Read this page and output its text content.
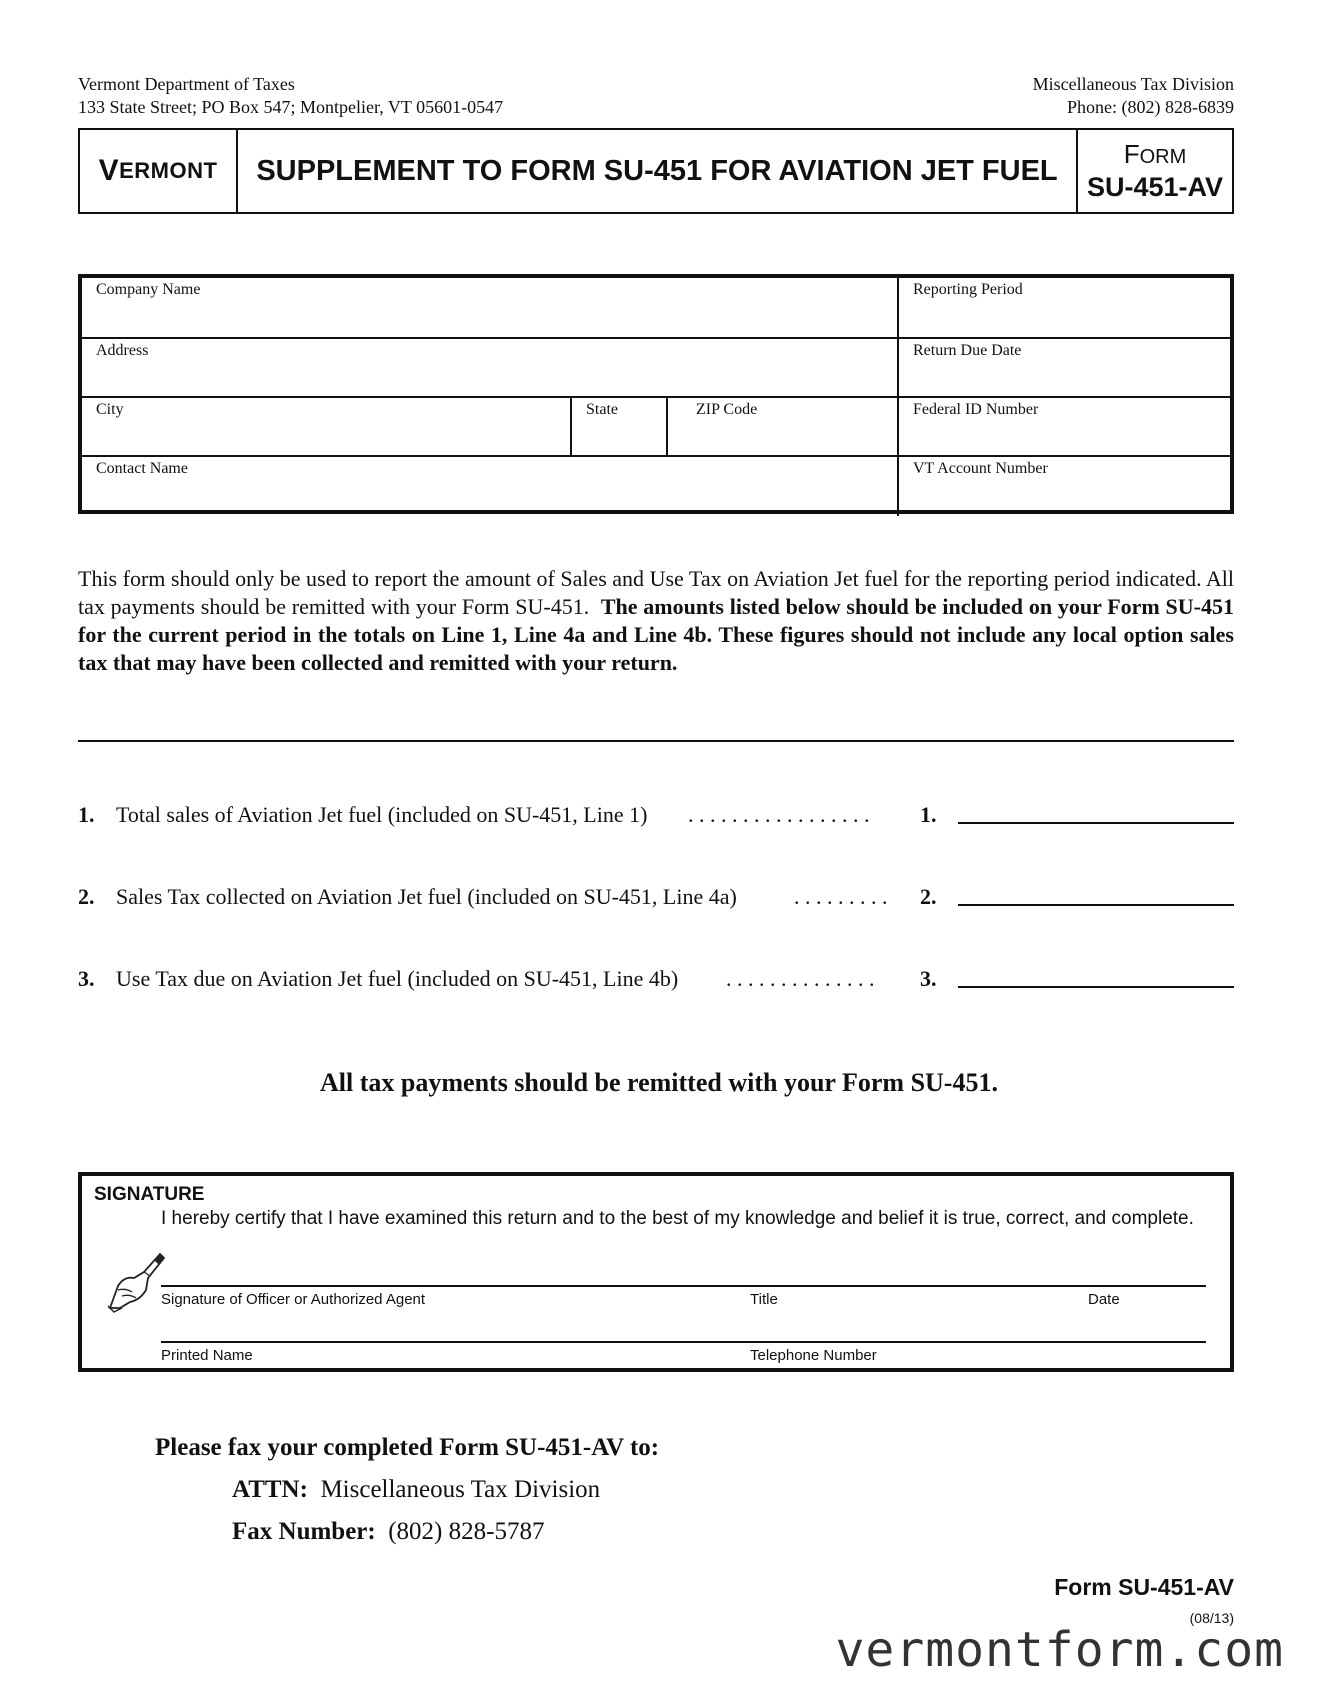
Vermont Department of Taxes
133 State Street; PO Box 547; Montpelier, VT 05601-0547
Miscellaneous Tax Division
Phone: (802) 828-6839
V ERMONT SUPPLEMENT TO FORM SU-451 FOR AVIATION JET FUEL
FORM
SU-451-AV
Company Name	Reporting Period
Address	Return Due Date
City	State	ZIP Code	Federal ID Number
Contact Name	VT Account Number
This form should only be used to report the amount of Sales and Use Tax on Aviation Jet fuel for the reporting period indicated. All tax payments should be remitted with your Form SU-451. The amounts listed below should be included on your Form SU-451 for the current period in the totals on Line 1, Line 4a and Line 4b. These figures should not include any local option sales tax that may have been collected and remitted with your return.
1. Total sales of Aviation Jet fuel (included on SU-451, Line 1) . . . . . . . . . . . . . . . . . 1.
2. Sales Tax collected on Aviation Jet fuel (included on SU-451, Line 4a)	. . . . . . . . . 2.
3. Use Tax due on Aviation Jet fuel (included on SU-451, Line 4b) . . . . . . . . . . . . . . 3.
All tax payments should be remitted with your Form SU-451.
SIGNATURE
I hereby certify that I have examined this return and to the best of my knowledge and belief it is true, correct, and complete.
Signature of Officer or Authorized Agent	Title	Date
Printed Name	Telephone Number
Please fax your completed Form SU-451-AV to:
ATTN: Miscellaneous Tax Division
Fax Number: (802) 828-5787
Form SU-451-AV
(08/13)
vermontform.com
